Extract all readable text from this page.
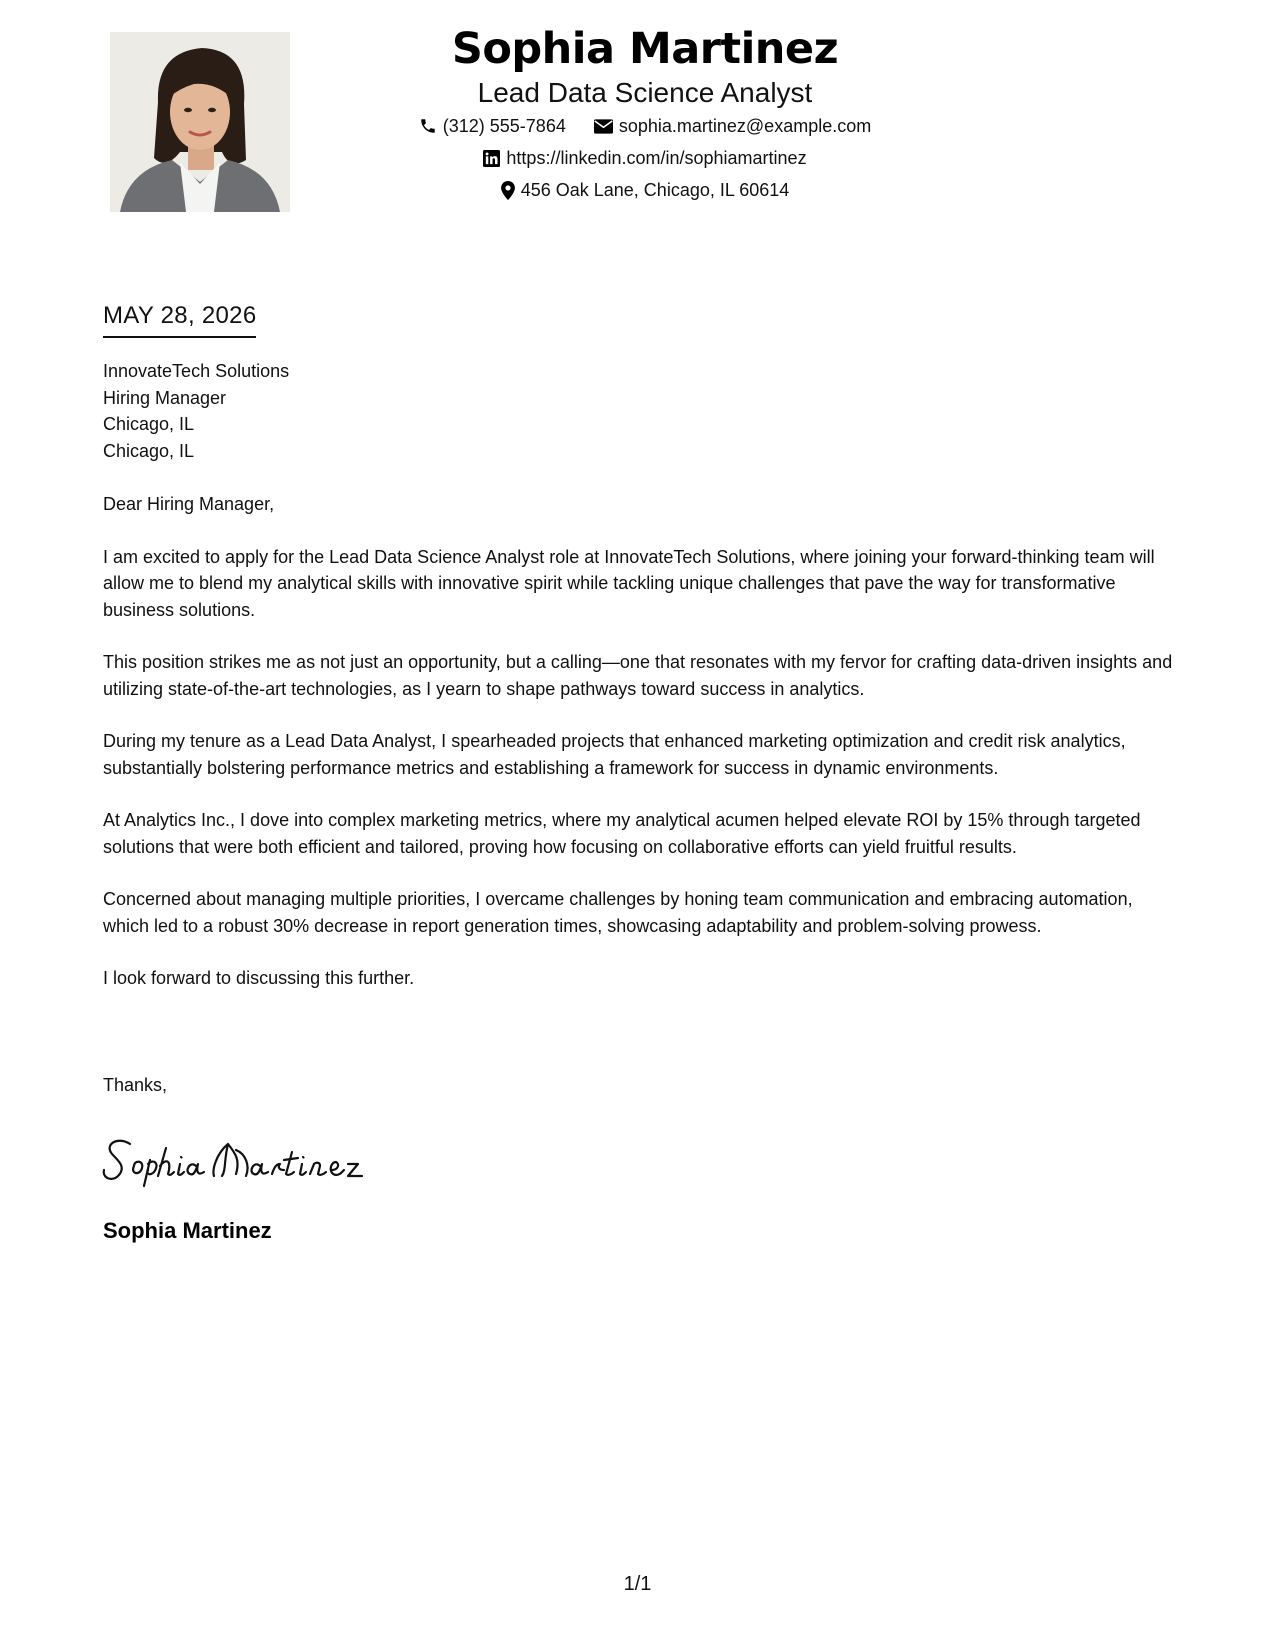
Sophia Martinez
Lead Data Science Analyst
(312) 555-7864	sophia.martinez@example.com
https://linkedin.com/in/sophiamartinez
456 Oak Lane, Chicago, IL 60614
MAY 28, 2026
InnovateTech Solutions
Hiring Manager
Chicago, IL
Chicago, IL
Dear Hiring Manager,
I am excited to apply for the Lead Data Science Analyst role at InnovateTech Solutions, where joining your forward-thinking team will allow me to blend my analytical skills with innovative spirit while tackling unique challenges that pave the way for transformative business solutions.
This position strikes me as not just an opportunity, but a calling—one that resonates with my fervor for crafting data-driven insights and utilizing state-of-the-art technologies, as I yearn to shape pathways toward success in analytics.
During my tenure as a Lead Data Analyst, I spearheaded projects that enhanced marketing optimization and credit risk analytics, substantially bolstering performance metrics and establishing a framework for success in dynamic environments.
At Analytics Inc., I dove into complex marketing metrics, where my analytical acumen helped elevate ROI by 15% through targeted solutions that were both efficient and tailored, proving how focusing on collaborative efforts can yield fruitful results.
Concerned about managing multiple priorities, I overcame challenges by honing team communication and embracing automation, which led to a robust 30% decrease in report generation times, showcasing adaptability and problem-solving prowess.
I look forward to discussing this further.
Thanks,
Sophia Martinez
1/1
